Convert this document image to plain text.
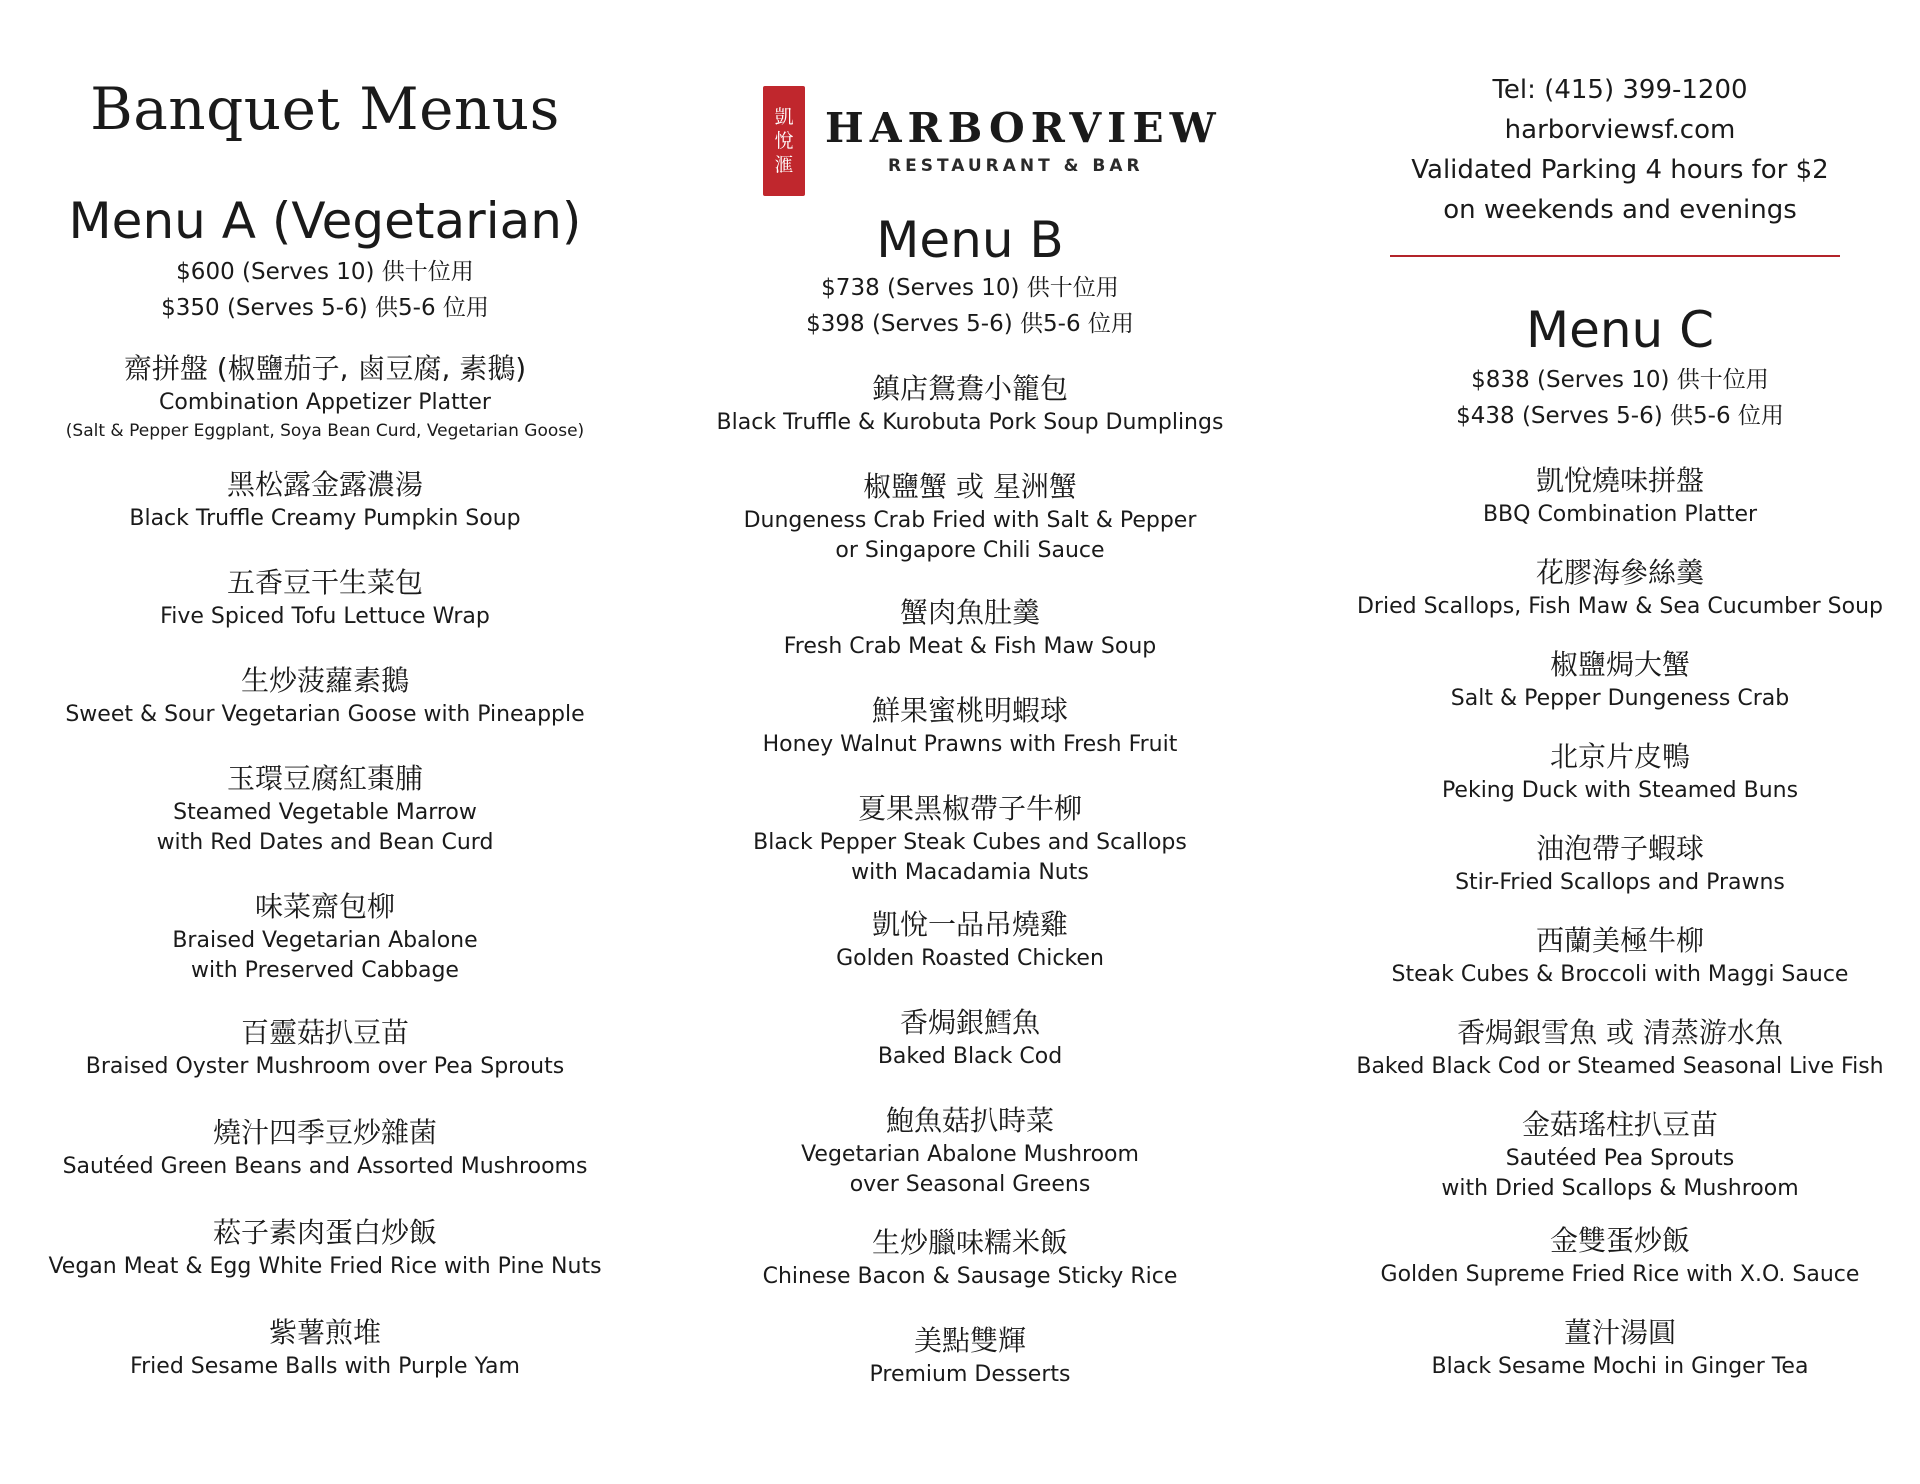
Banquet Menus	凱
悅
滙
HARBORVIEW
RESTAURANT & BAR
Tel: (415) 399-1200
harborviewsf.com
Validated Parking 4 hours for $2
on weekends and evenings
Menu A (Vegetarian)
$600 (Serves 10) 供十位用
$350 (Serves 5-6) 供5-6 位用
齋拼盤 (椒鹽茄子, 鹵豆腐, 素鵝)
Combination Appetizer Platter
(Salt & Pepper Eggplant, Soya Bean Curd, Vegetarian Goose)
黑松露金露濃湯
Black Truffle Creamy Pumpkin Soup
五香豆干生菜包
Five Spiced Tofu Lettuce Wrap
生炒菠蘿素鵝
Sweet & Sour Vegetarian Goose with Pineapple
玉環豆腐紅棗脯
Steamed Vegetable Marrow
with Red Dates and Bean Curd
味菜齋包柳
Braised Vegetarian Abalone
with Preserved Cabbage
百靈菇扒豆苗
Braised Oyster Mushroom over Pea Sprouts
燒汁四季豆炒雜菌
Sautéed Green Beans and Assorted Mushrooms
菘子素肉蛋白炒飯
Vegan Meat & Egg White Fried Rice with Pine Nuts
紫薯煎堆
Fried Sesame Balls with Purple Yam
Menu B
$738 (Serves 10) 供十位用
$398 (Serves 5-6) 供5-6 位用
鎮店鴛鴦小籠包
Black Truffle & Kurobuta Pork Soup Dumplings
椒鹽蟹 或 星洲蟹
Dungeness Crab Fried with Salt & Pepper
or Singapore Chili Sauce
蟹肉魚肚羹
Fresh Crab Meat & Fish Maw Soup
鮮果蜜桃明蝦球
Honey Walnut Prawns with Fresh Fruit
夏果黑椒帶子牛柳
Black Pepper Steak Cubes and Scallops
with Macadamia Nuts
凱悅一品吊燒雞
Golden Roasted Chicken
香焗銀鱈魚
Baked Black Cod
鮑魚菇扒時菜
Vegetarian Abalone Mushroom
over Seasonal Greens
生炒臘味糯米飯
Chinese Bacon & Sausage Sticky Rice
美點雙輝
Premium Desserts
Menu C
$838 (Serves 10) 供十位用
$438 (Serves 5-6) 供5-6 位用
凱悅燒味拼盤
BBQ Combination Platter
花膠海參絲羹
Dried Scallops, Fish Maw & Sea Cucumber Soup
椒鹽焗大蟹
Salt & Pepper Dungeness Crab
北京片皮鴨
Peking Duck with Steamed Buns
油泡帶子蝦球
Stir-Fried Scallops and Prawns
西蘭美極牛柳
Steak Cubes & Broccoli with Maggi Sauce
香焗銀雪魚 或 清蒸游水魚
Baked Black Cod or Steamed Seasonal Live Fish
金菇瑤柱扒豆苗
Sautéed Pea Sprouts
with Dried Scallops & Mushroom
金雙蛋炒飯
Golden Supreme Fried Rice with X.O. Sauce
薑汁湯圓
Black Sesame Mochi in Ginger Tea
